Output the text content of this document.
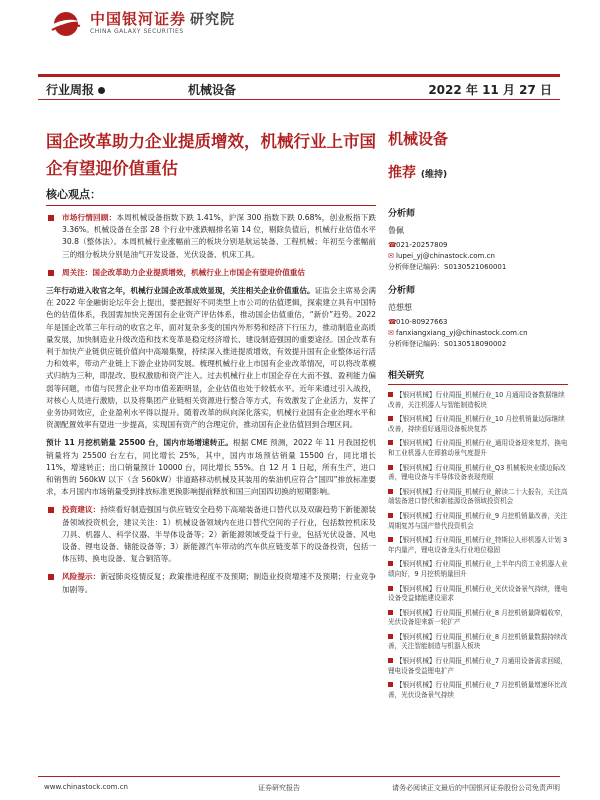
中国银河证券 研究院
CHINA GALAXY SECURITIES
行业周报	机械设备	2022 年 11 月 27 日
国企改革助力企业提质增效，机械行业上市国企有望迎价值重估
机械设备
推荐 (维持)
核心观点：
市场行情回顾：本周机械设备指数下跌 1.41%，沪深 300 指数下跌 0.68%，创业板指下跌 3.36%。机械设备在全部 28 个行业中涨跌幅排名第 14 位，剔除负值后，机械行业估值水平 30.8（整体法）。本周机械行业涨幅前三的板块分别是航运装备、工程机械；年初至今涨幅前三的细分板块分别是油气开发设备、光伏设备、机床工具。
周关注：国企改革助力企业提质增效，机械行业上市国企有望迎价值重估
三年行动进入收官之年，机械行业国企改革成效显现，关注相关企业价值重估。证监会主席易会满在 2022 年金融街论坛年会上提出，要把握好不同类型上市公司的估值逻辑，探索建立具有中国特色的估值体系，我国需加快完善国有企业资产评估体系，推动国企估值重估，“新价”趋势。2022 年是国企改革三年行动的收官之年，面对复杂多变的国内外形势和经济下行压力，推动制造业高质量发展，加快制造业升级改造和技术变革是稳定经济增长、建设制造强国的重要途径。国企改革有利于加快产业链供应链价值向中高端集聚，持续深入推进提质增效，有效提升国有企业整体运行活力和效率，带动产业链上下游企业协同发展。梳理机械行业上市国有企业改革情况，可以将改革模式归纳为三种，即混改、股权激励和资产注入。过去机械行业上市国企存在大而不强、盈利能力偏弱等问题，市值与民营企业平均市值差距明显，企业估值也处于较低水平。近年来通过引入战投，对核心人员进行激励，以及将集团产业链相关资源进行整合等方式，有效激发了企业活力，发挥了业务协同效应，企业盈利水平得以提升。随着改革的纵向深化落实，机械行业国有企业治理水平和资源配置效率有望进一步提高，实现国有资产的合理定价，推动国有企业估值回到合理区间。
预计 11 月挖机销量 25500 台，国内市场增速转正。根据 CME 预测，2022 年 11 月我国挖机销量将为 25500 台左右，同比增长 25%，其中，国内市场预估销量 15500 台，同比增长 11%，增速转正；出口销量预计 10000 台，同比增长 55%。自 12 月 1 日起，所有生产、进口和销售的 560kW 以下（含 560kW）非道路移动机械及其装用的柴油机应符合“国四”排放标准要求，本月国内市场销量受到排放标准更换影响提前释放和国三向国四切换的短期影响。
投资建议：持续看好制造强国与供应链安全趋势下高端装备进口替代以及双碳趋势下新能源装备领域投资机会，建议关注：1）机械设备领域内在进口替代空间的子行业，包括数控机床及刀具、机器人、科学仪器、半导体设备等；2）新能源领域受益于行业，包括光伏设备、风电设备、锂电设备、储能设备等；3）新能源汽车带动的汽车供应链变革下的设备投资，包括一体压铸、换电设备、复合铜箔等。
风险提示：新冠肺炎疫情反复；政策推进程度不及预期；制造业投资增速不及预期；行业竞争加剧等。
分析师
鲁佩
☎021-20257809
✉ lupei_yj@chinastock.com.cn
分析师登记编码：S0130521060001
分析师
范想想
☎010-80927663
✉ fanxiangxiang_yj@chinastock.com.cn
分析师登记编码：S0130518090002
相关研究
【银河机械】行业周报_机械行业_10 月通用设备数据继续改善，关注机器人与智能制造板块
【银河机械】行业周报_机械行业_10 月挖机销量边际继续改善，持续看好通用设备板块复苏
【银河机械】行业周报_机械行业_通用设备迎来复苏，换电和工业机器人在即推动景气度提升
【银河机械】行业周报_机械行业_Q3 机械板块业绩边际改善，锂电设备与半导体设备表现亮眼
【银河机械】行业周报_机械行业_解读二十大报告，关注高端装备进口替代和新能源设备领域投资机会
【银河机械】行业周报_机械行业_9 月挖机销量改善，关注周期复苏与国产替代投资机会
【银河机械】行业周报_机械行业_特斯拉人形机器人计划 3 年内量产，锂电设备龙头行业地位稳固
【银河机械】行业周报_机械行业_上半年内资工业机器人业绩向好，9 月挖机销量回升
【银河机械】行业周报_机械行业_光伏设备景气持续，锂电设备受益储能建设需求
【银河机械】行业周报_机械行业_8 月挖机销量降幅收窄，光伏设备迎来新一轮扩产
【银河机械】行业周报_机械行业_8 月挖机销量数据持续改善，关注智能制造与机器人板块
【银河机械】行业周报_机械行业_7 月通用设备需求回暖，锂电设备受益锂电扩产
【银河机械】行业周报_机械行业_7 月挖机销量增速环比改善，光伏设备景气持续
www.chinastock.com.cn	证券研究报告	请务必阅读正文最后的中国银河证券股份公司免责声明
